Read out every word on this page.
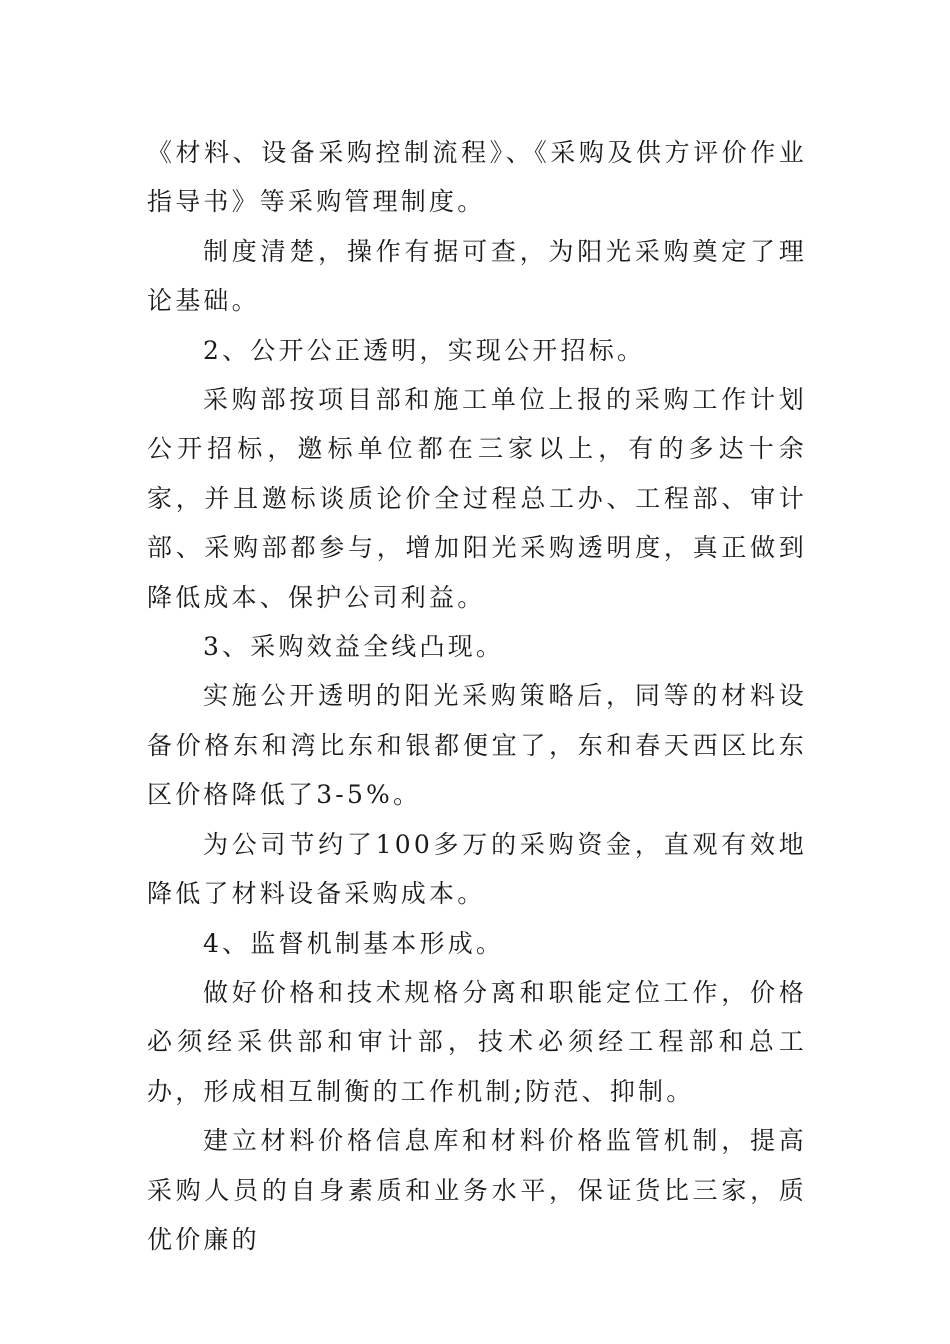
《材料、设备采购控制流程》、《采购及供方评价作业指导书》等采购管理制度。

制度清楚，操作有据可查，为阳光采购奠定了理论基础。

2、公开公正透明，实现公开招标。

采购部按项目部和施工单位上报的采购工作计划公开招标，邀标单位都在三家以上，有的多达十余家，并且邀标谈质论价全过程总工办、工程部、审计部、采购部都参与，增加阳光采购透明度，真正做到降低成本、保护公司利益。

3、采购效益全线凸现。

实施公开透明的阳光采购策略后，同等的材料设备价格东和湾比东和银都便宜了，东和春天西区比东区价格降低了3-5%。

为公司节约了100多万的采购资金，直观有效地降低了材料设备采购成本。

4、监督机制基本形成。

做好价格和技术规格分离和职能定位工作，价格必须经采供部和审计部，技术必须经工程部和总工办，形成相互制衡的工作机制;防范、抑制。

建立材料价格信息库和材料价格监管机制，提高采购人员的自身素质和业务水平，保证货比三家，质优价廉的
